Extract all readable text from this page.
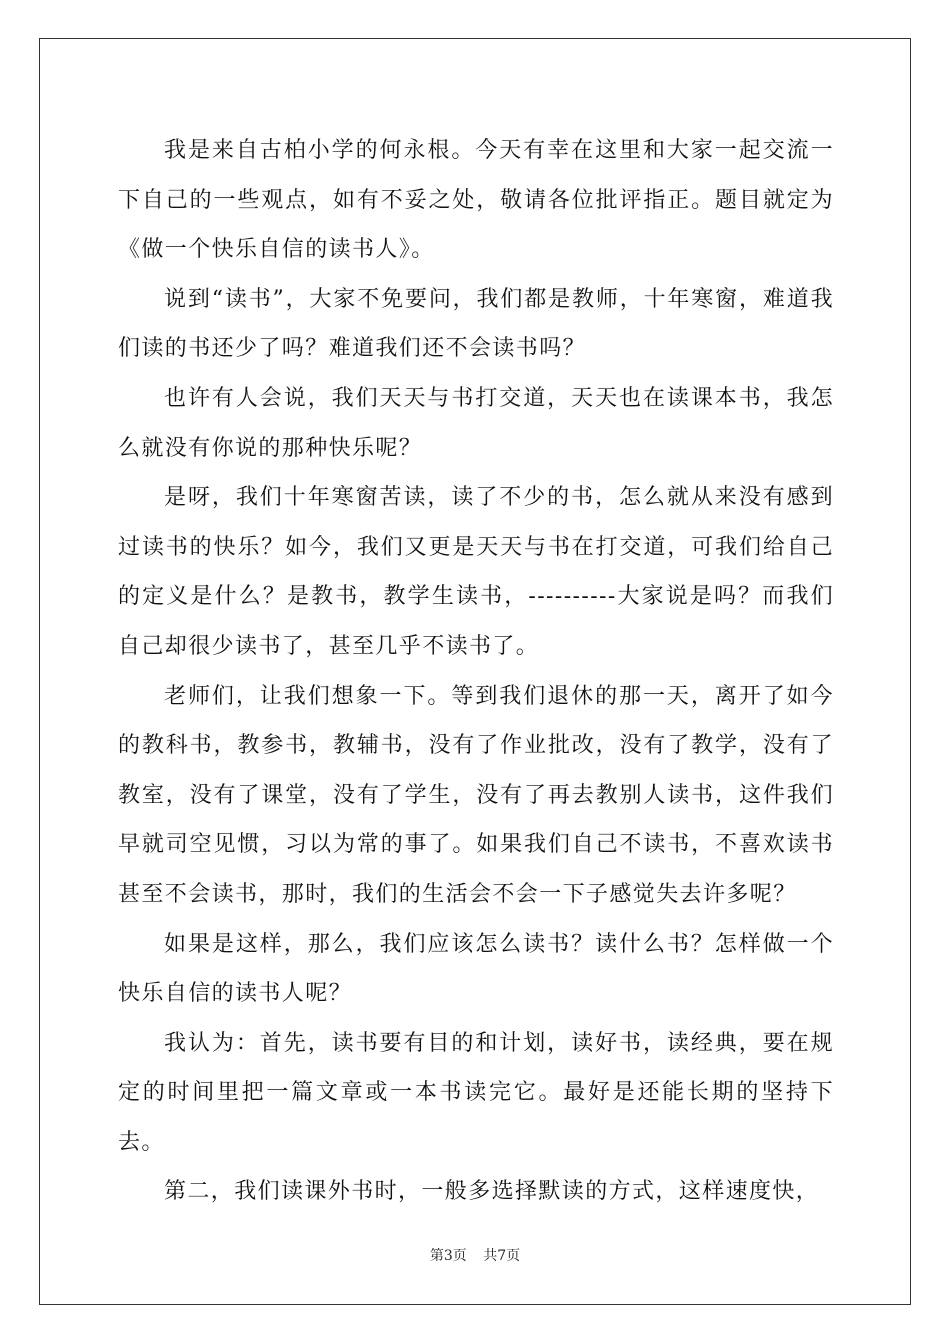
我是来自古柏小学的何永根。今天有幸在这里和大家一起交流一下自己的一些观点，如有不妥之处，敬请各位批评指正。题目就定为《做一个快乐自信的读书人》。

说到“读书”，大家不免要问，我们都是教师，十年寒窗，难道我们读的书还少了吗？难道我们还不会读书吗？

也许有人会说，我们天天与书打交道，天天也在读课本书，我怎么就没有你说的那种快乐呢？

是呀，我们十年寒窗苦读，读了不少的书，怎么就从来没有感到过读书的快乐？如今，我们又更是天天与书在打交道，可我们给自己的定义是什么？是教书，教学生读书，----------大家说是吗？而我们自己却很少读书了，甚至几乎不读书了。

老师们，让我们想象一下。等到我们退休的那一天，离开了如今的教科书，教参书，教辅书，没有了作业批改，没有了教学，没有了教室，没有了课堂，没有了学生，没有了再去教别人读书，这件我们早就司空见惯，习以为常的事了。如果我们自己不读书，不喜欢读书甚至不会读书，那时，我们的生活会不会一下子感觉失去许多呢？

如果是这样，那么，我们应该怎么读书？读什么书？怎样做一个快乐自信的读书人呢？

我认为：首先，读书要有目的和计划，读好书，读经典，要在规定的时间里把一篇文章或一本书读完它。最好是还能长期的坚持下去。

第二，我们读课外书时，一般多选择默读的方式，这样速度快，

第3页 共7页
